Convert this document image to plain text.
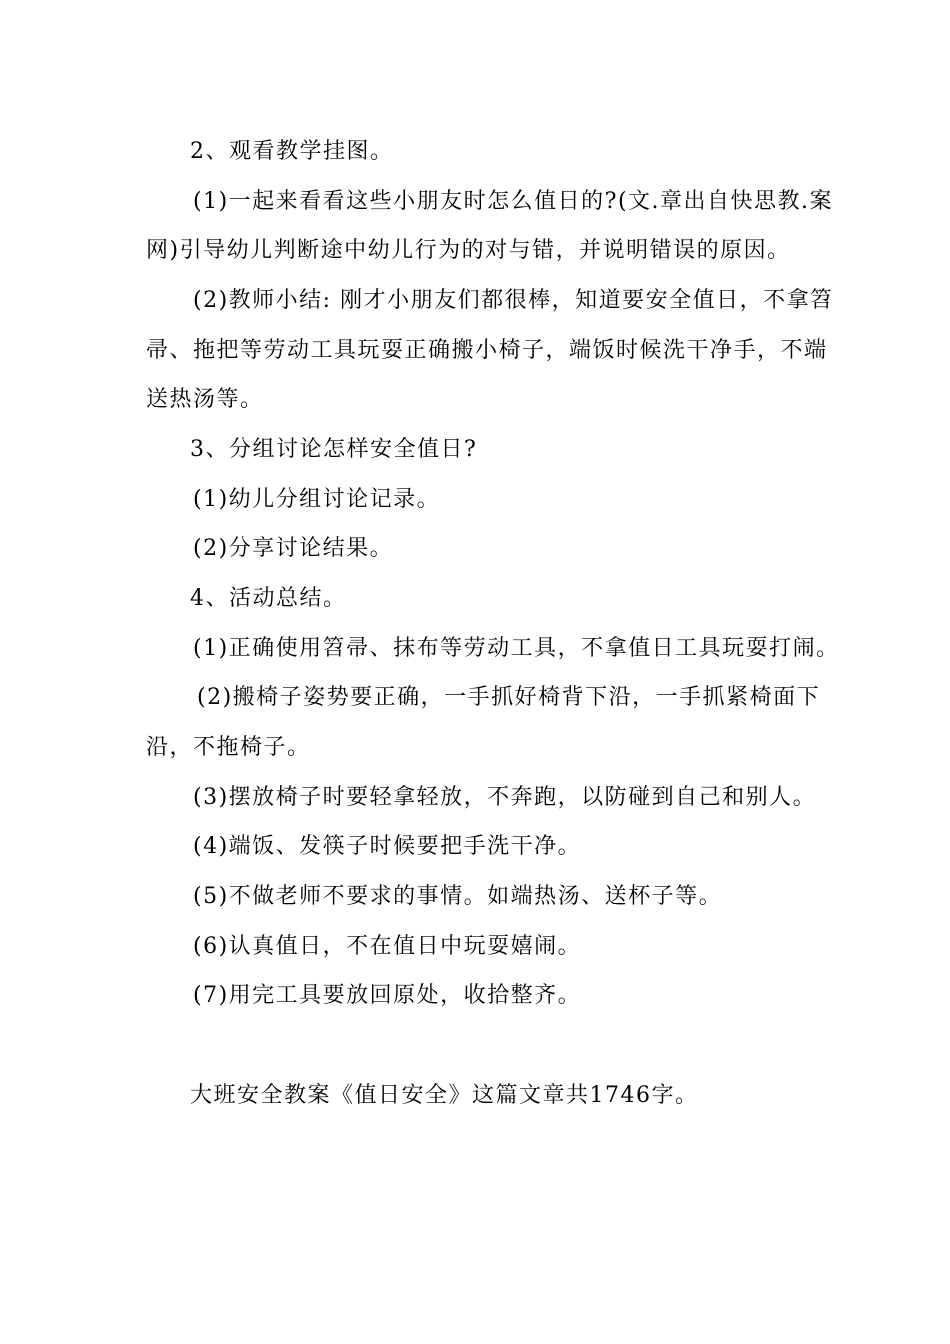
2、观看教学挂图。
(1)一起来看看这些小朋友时怎么值日的?(文.章出自快思教.案
网)引导幼儿判断途中幼儿行为的对与错，并说明错误的原因。
(2)教师小结: 刚才小朋友们都很棒，知道要安全值日，不拿笤
帚、拖把等劳动工具玩耍正确搬小椅子，端饭时候洗干净手，不端
送热汤等。
3、分组讨论怎样安全值日?
(1)幼儿分组讨论记录。
(2)分享讨论结果。
4、活动总结。
(1)正确使用笤帚、抹布等劳动工具，不拿值日工具玩耍打闹。
(2)搬椅子姿势要正确，一手抓好椅背下沿，一手抓紧椅面下
沿，不拖椅子。
(3)摆放椅子时要轻拿轻放，不奔跑，以防碰到自己和别人。
(4)端饭、发筷子时候要把手洗干净。
(5)不做老师不要求的事情。如端热汤、送杯子等。
(6)认真值日，不在值日中玩耍嬉闹。
(7)用完工具要放回原处，收拾整齐。
大班安全教案《值日安全》这篇文章共1746字。
